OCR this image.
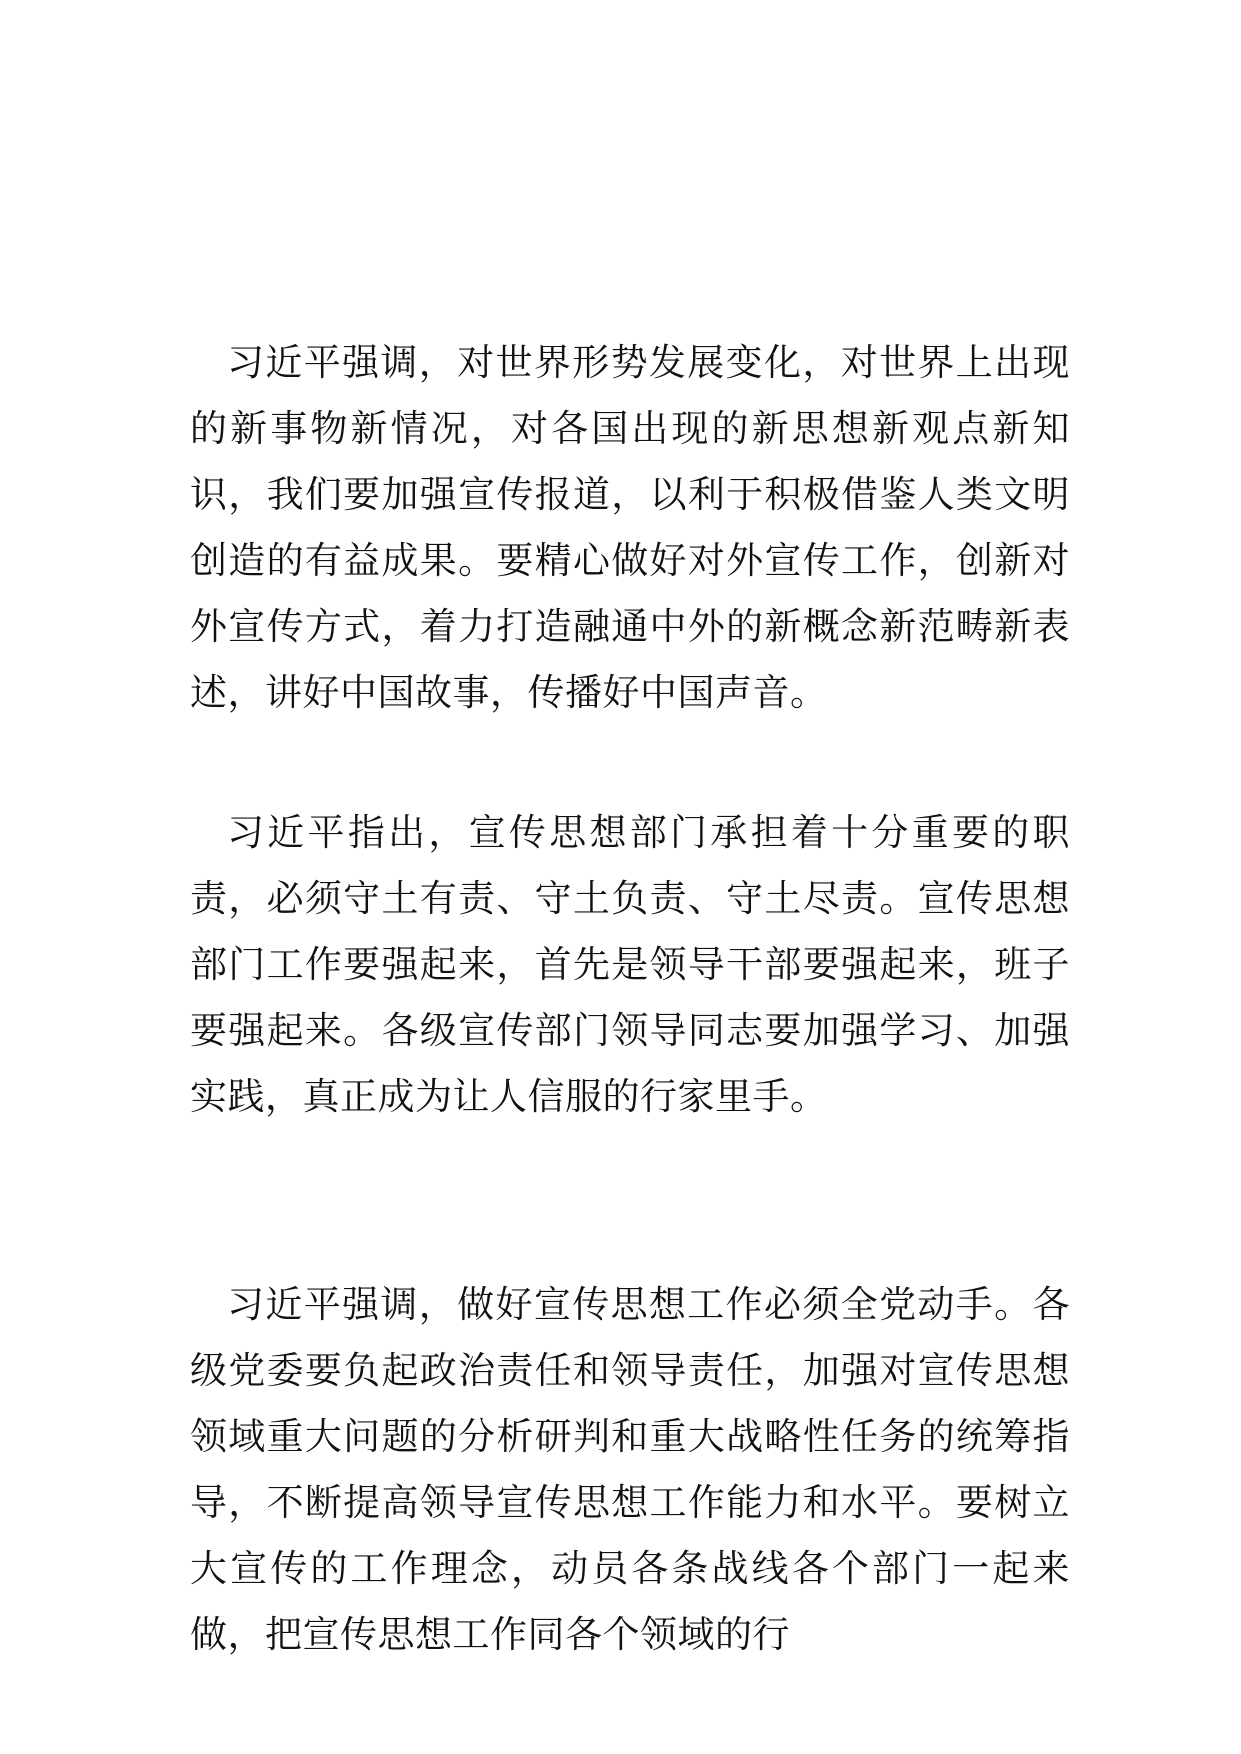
习近平强调，对世界形势发展变化，对世界上出现的新事物新情况，对各国出现的新思想新观点新知识，我们要加强宣传报道，以利于积极借鉴人类文明创造的有益成果。要精心做好对外宣传工作，创新对外宣传方式，着力打造融通中外的新概念新范畴新表述，讲好中国故事，传播好中国声音。

习近平指出，宣传思想部门承担着十分重要的职责，必须守土有责、守土负责、守土尽责。宣传思想部门工作要强起来，首先是领导干部要强起来，班子要强起来。各级宣传部门领导同志要加强学习、加强实践，真正成为让人信服的行家里手。

习近平强调，做好宣传思想工作必须全党动手。各级党委要负起政治责任和领导责任，加强对宣传思想领域重大问题的分析研判和重大战略性任务的统筹指导，不断提高领导宣传思想工作能力和水平。要树立大宣传的工作理念，动员各条战线各个部门一起来做，把宣传思想工作同各个领域的行
